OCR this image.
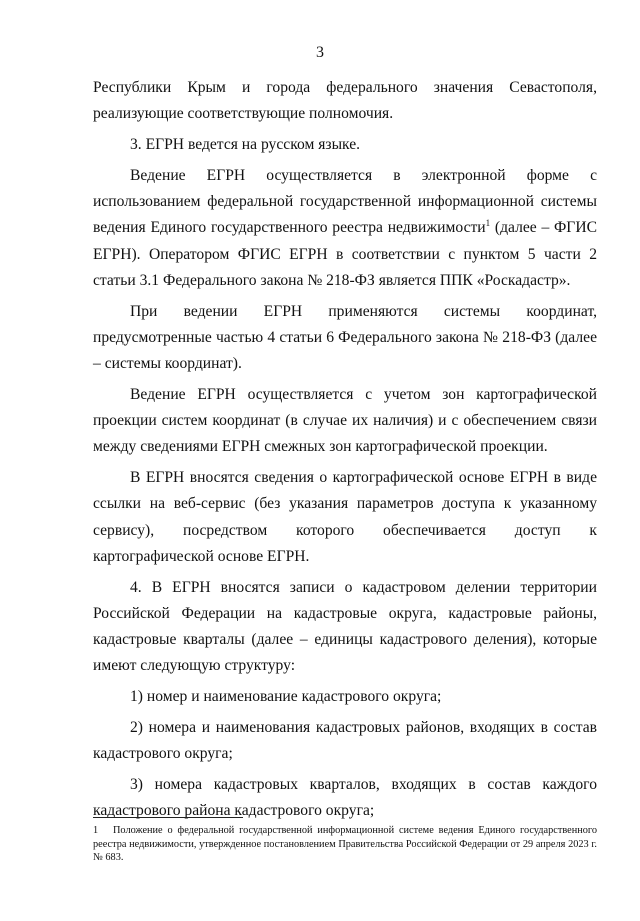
3

Республики Крым и города федерального значения Севастополя, реализующие соответствующие полномочия.

3. ЕГРН ведется на русском языке.

Ведение ЕГРН осуществляется в электронной форме с использованием федеральной государственной информационной системы ведения Единого государственного реестра недвижимости$^1$ (далее – ФГИС ЕГРН). Оператором ФГИС ЕГРН в соответствии с пунктом 5 части 2 статьи 3.1 Федерального закона № 218-ФЗ является ППК «Роскадастр».

При ведении ЕГРН применяются системы координат, предусмотренные частью 4 статьи 6 Федерального закона № 218-ФЗ (далее – системы координат).

Ведение ЕГРН осуществляется с учетом зон картографической проекции систем координат (в случае их наличия) и с обеспечением связи между сведениями ЕГРН смежных зон картографической проекции.

В ЕГРН вносятся сведения о картографической основе ЕГРН в виде ссылки на веб-сервис (без указания параметров доступа к указанному сервису), посредством которого обеспечивается доступ к картографической основе ЕГРН.

4. В ЕГРН вносятся записи о кадастровом делении территории Российской Федерации на кадастровые округа, кадастровые районы, кадастровые кварталы (далее – единицы кадастрового деления), которые имеют следующую структуру:

1) номер и наименование кадастрового округа;

2) номера и наименования кадастровых районов, входящих в состав кадастрового округа;

3) номера кадастровых кварталов, входящих в состав каждого кадастрового района кадастрового округа;

1 Положение о федеральной государственной информационной системе ведения Единого государственного реестра недвижимости, утвержденное постановлением Правительства Российской Федерации от 29 апреля 2023 г. № 683.
